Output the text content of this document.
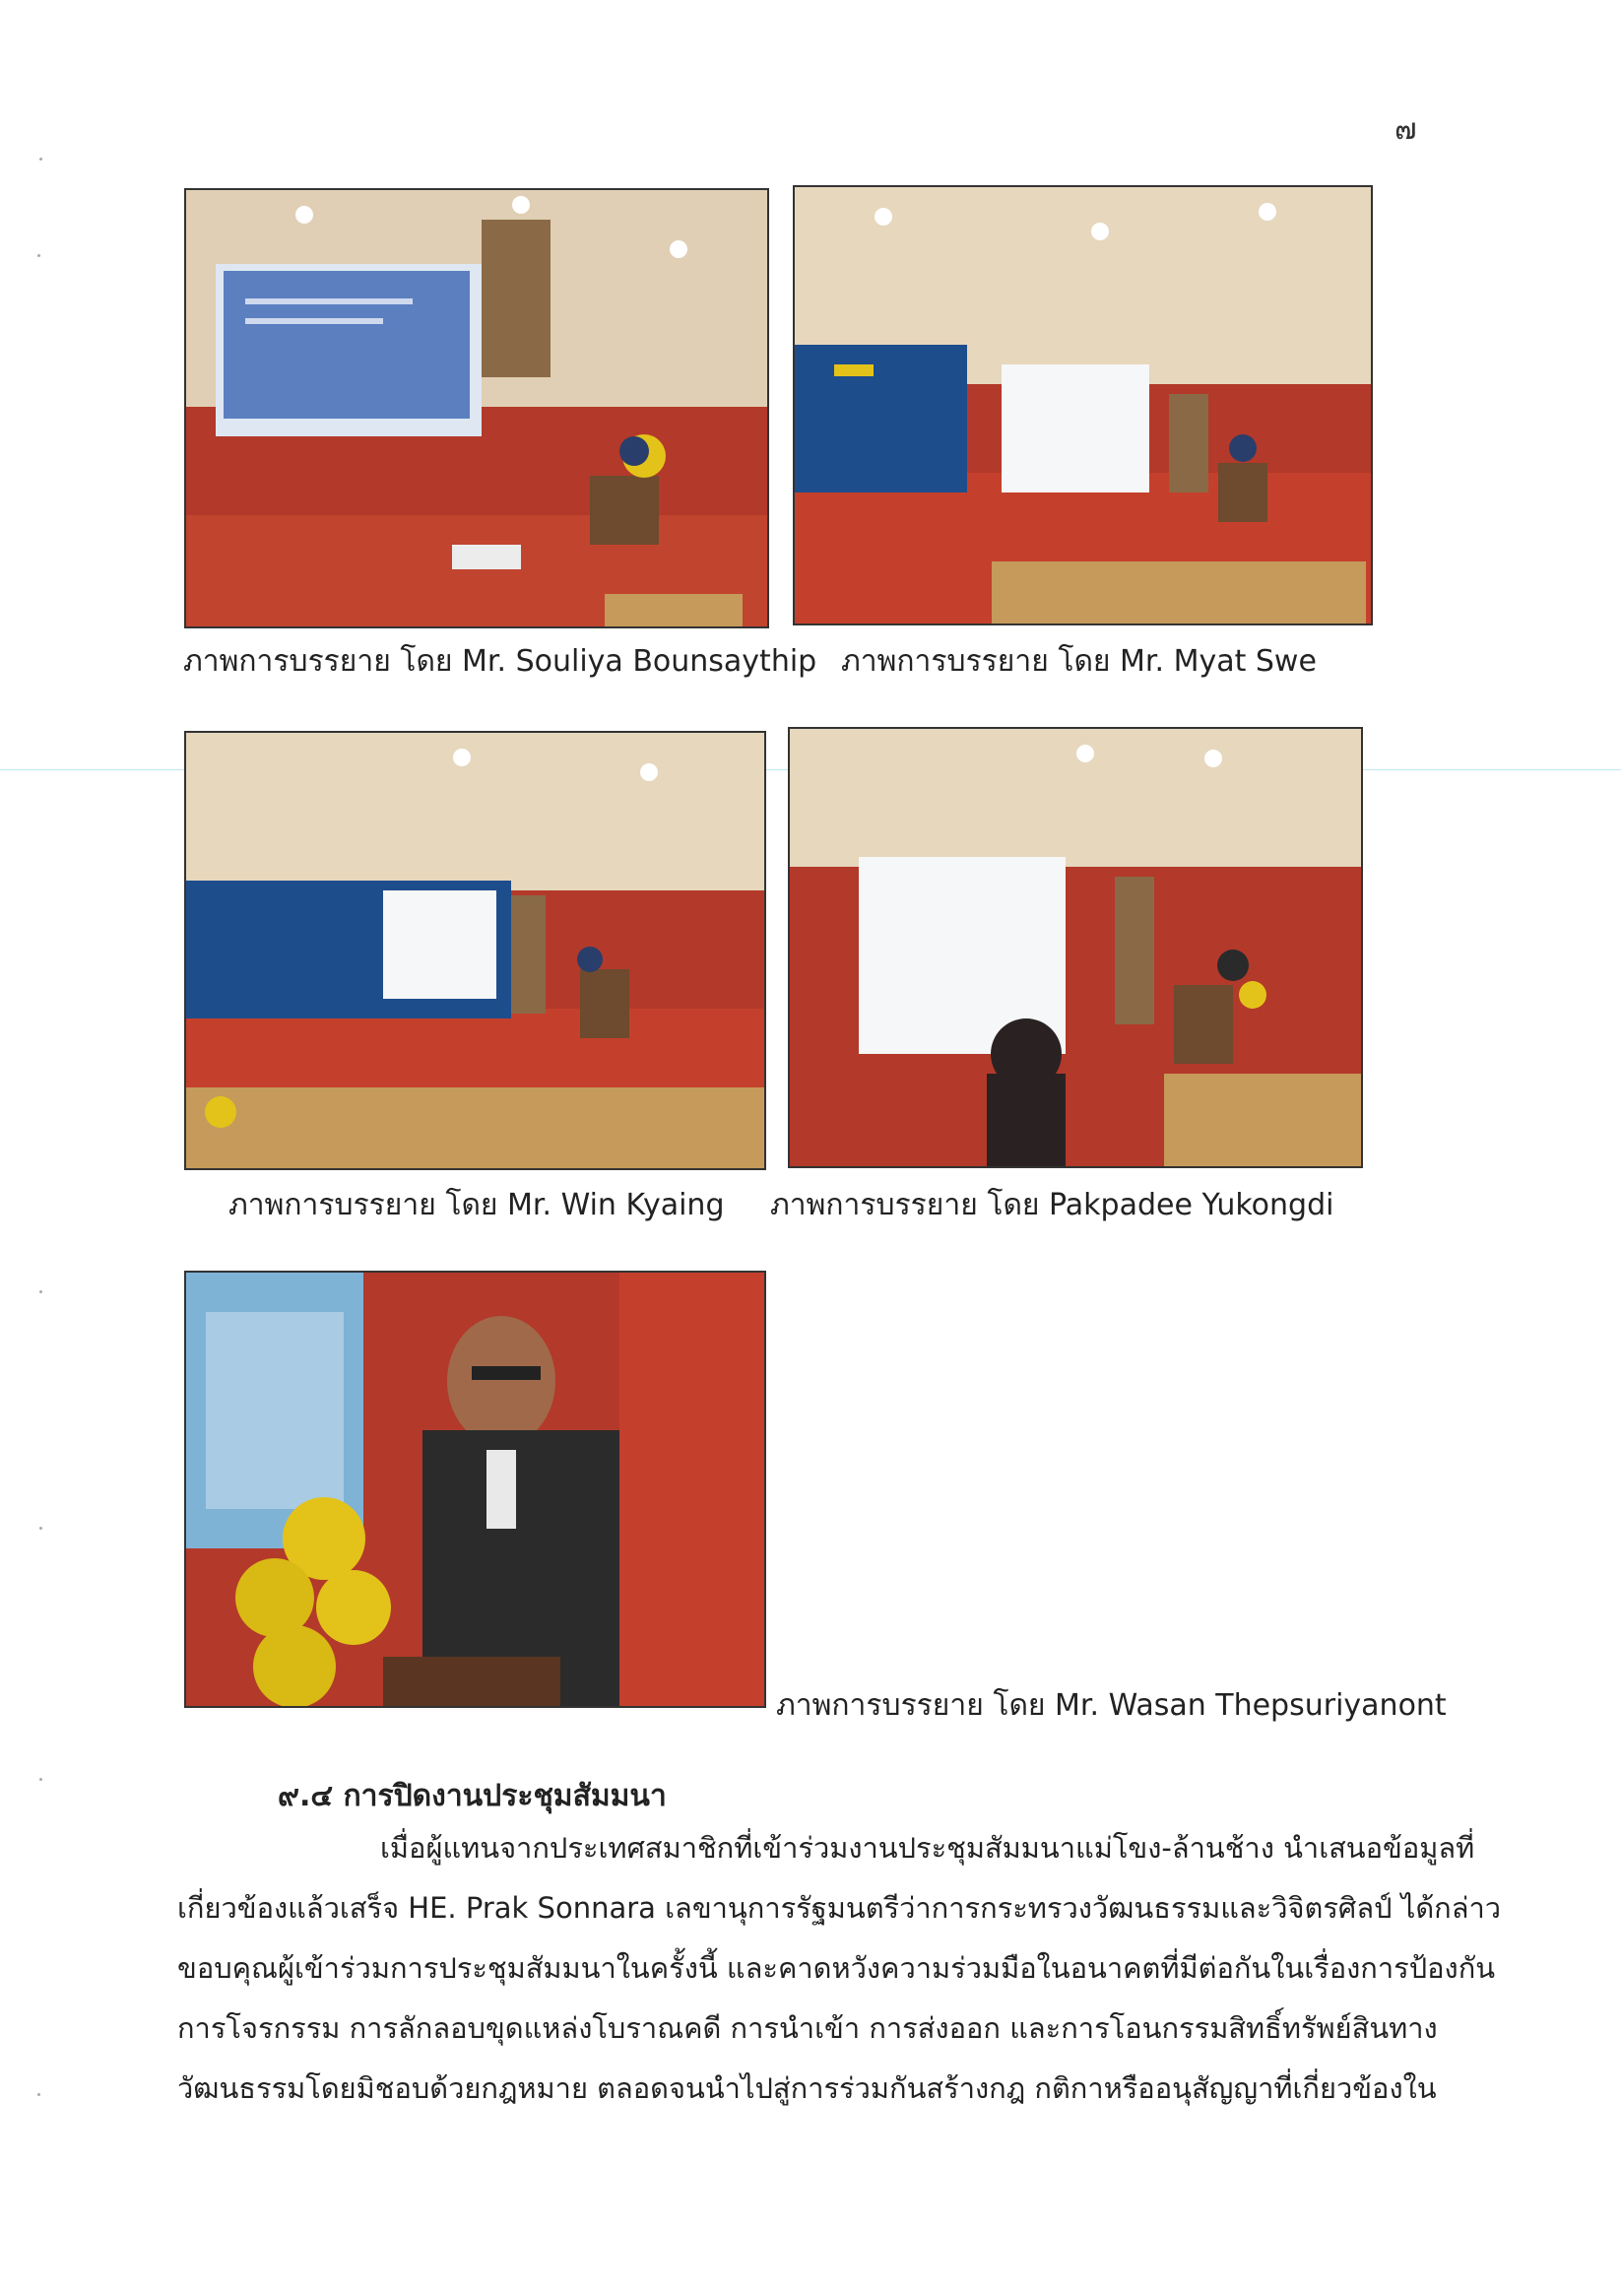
๗
ภาพการบรรยาย โดย Mr. Souliya Bounsaythip ภาพการบรรยาย โดย Mr. Myat Swe
ภาพการบรรยาย โดย Mr. Win Kyaing ภาพการบรรยาย โดย Pakpadee Yukongdi
ภาพการบรรยาย โดย Mr. Wasan Thepsuriyanont
๙.๔ การปิดงานประชุมสัมมนา
เมื่อผู้แทนจากประเทศสมาชิกที่เข้าร่วมงานประชุมสัมมนาแม่โขง-ล้านช้าง นำเสนอข้อมูลที่
เกี่ยวข้องแล้วเสร็จ HE. Prak Sonnara เลขานุการรัฐมนตรีว่าการกระทรวงวัฒนธรรมและวิจิตรศิลป์ ได้กล่าว
ขอบคุณผู้เข้าร่วมการประชุมสัมมนาในครั้งนี้ และคาดหวังความร่วมมือในอนาคตที่มีต่อกันในเรื่องการป้องกัน
การโจรกรรม การลักลอบขุดแหล่งโบราณคดี การนำเข้า การส่งออก และการโอนกรรมสิทธิ์ทรัพย์สินทาง
วัฒนธรรมโดยมิชอบด้วยกฎหมาย ตลอดจนนำไปสู่การร่วมกันสร้างกฎ กติกาหรืออนุสัญญาที่เกี่ยวข้องใน
